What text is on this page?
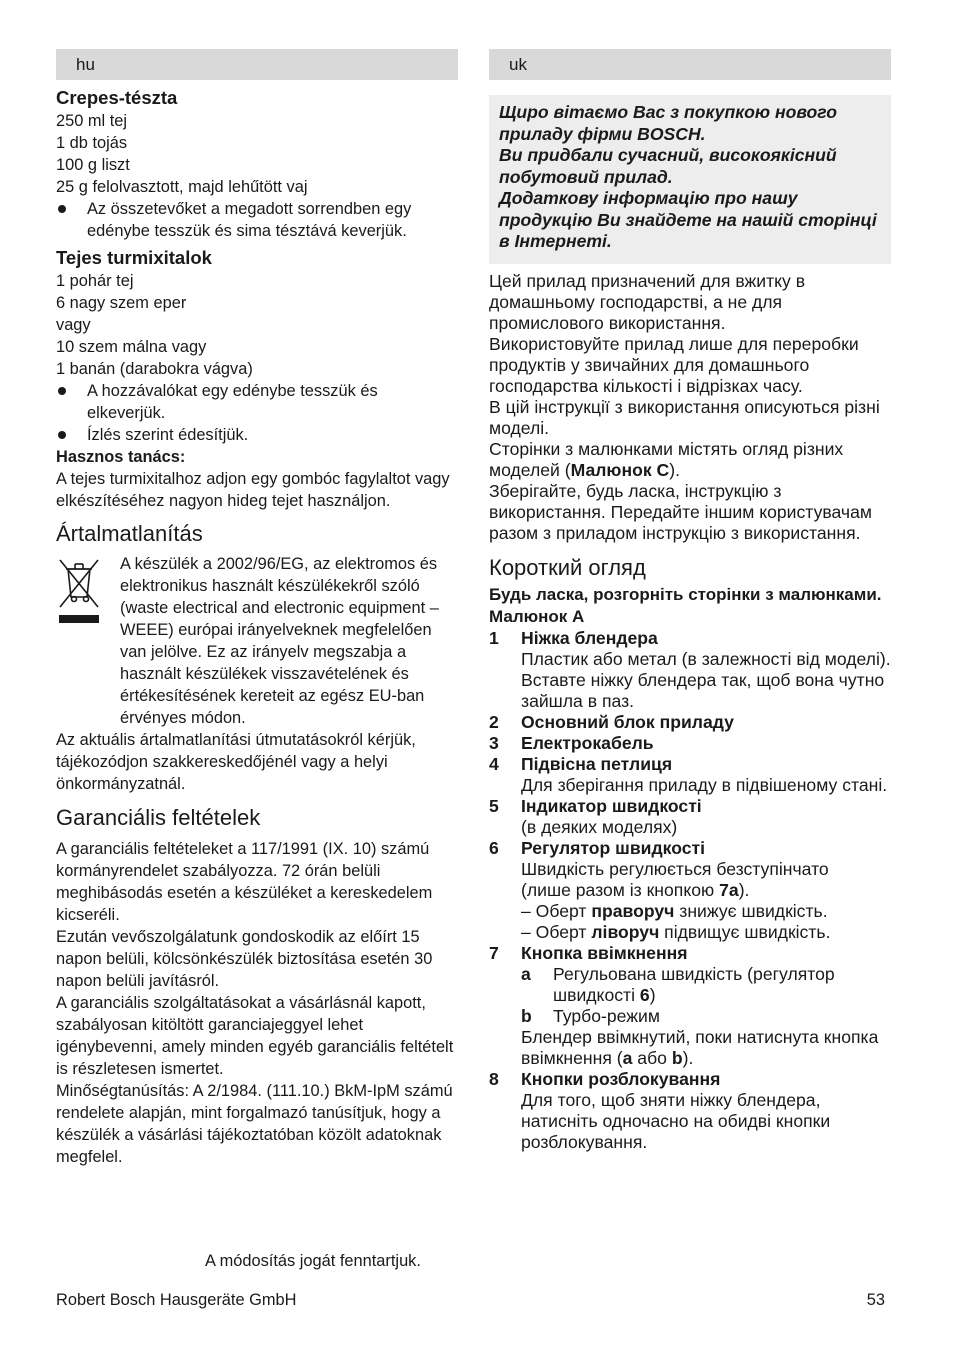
hu
Crepes-tészta
250 ml tej
1 db tojás
100 g liszt
25 g felolvasztott, majd lehűtött vaj
Az összetevőket a megadott sorrendben egy edénybe tesszük és sima tésztává keverjük.
Tejes turmixitalok
1 pohár tej
6 nagy szem eper
vagy
10 szem málna vagy
1 banán (darabokra vágva)
A hozzávalókat egy edénybe tesszük és elkeverjük.
Ízlés szerint édesítjük.
Hasznos tanács:
A tejes turmixitalhoz adjon egy gombóc fagylaltot vagy elkészítéséhez nagyon hideg tejet használjon.
Ártalmatlanítás
A készülék a 2002/96/EG, az elektromos és elektronikus használt készülékekről szóló (waste electrical and electronic equipment – WEEE) európai irányelveknek megfelelően van jelölve. Ez az irányelv megszabja a használt készülékek visszavételének és értékesítésének kereteit az egész EU-ban érvényes módon.
Az aktuális ártalmatlanítási útmutatásokról kérjük, tájékozódjon szakkereskedőjénél vagy a helyi önkormányzatnál.
Garanciális feltételek
A garanciális feltételeket a 117/1991 (IX. 10) számú kormányrendelet szabályozza. 72 órán belüli meghibásodás esetén a készüléket a kereskedelem kicseréli.
Ezután vevőszolgálatunk gondoskodik az előírt 15 napon belüli, kölcsönkészülék biztosítása esetén 30 napon belüli javításról.
A garanciális szolgáltatásokat a vásárlásnál kapott, szabályosan kitöltött garanciajeggyel lehet igénybevenni, amely minden egyéb garanciális feltételt is részletesen ismertet.
Minőségtanúsítás: A 2/1984. (111.10.) BkM-IpM számú rendelete alapján, mint forgalmazó tanúsítjuk, hogy a készülék a vásárlási tájékoztatóban közölt adatoknak megfelel.
A módosítás jogát fenntartjuk.
uk
Щиро вітаємо Вас з покупкою нового приладу фірми BOSCH.
Ви придбали сучасний, високоякісний побутовий прилад.
Додаткову інформацію про нашу продукцію Ви знайдете на нашій сторінці в Інтернеті.
Цей прилад призначений для вжитку в домашньому господарстві, а не для промислового використання.
Використовуйте прилад лише для переробки продуктів у звичайних для домашнього господарства кількості і відрізках часу.
В цій інструкції з використання описуються різні моделі.
Сторінки з малюнками містять огляд різних моделей (Малюнок C).
Зберігайте, будь ласка, інструкцію з використання. Передайте іншим користувачам разом з приладом інструкцію з використання.
Короткий огляд
Будь ласка, розгорніть сторінки з малюнками.
Малюнок А
1	Ніжка блендера
Пластик або метал (в залежності від моделі). Вставте ніжку блендера так, щоб вона чутно зайшла в паз.
2	Основний блок приладу
3	Електрокабель
4	Підвісна петлиця
Для зберігання приладу в підвішеному стані.
5	Індикатор швидкості
(в деяких моделях)
6	Регулятор швидкості
Швидкість регулюється безступінчато
(лише разом із кнопкою 7a).
– Оберт праворуч знижує швидкість.
– Оберт ліворуч підвищує швидкість.
7	Кнопка ввімкнення
a	Регульована швидкість (регулятор швидкості 6)
b	Турбо-режим
Блендер ввімкнутий, поки натиснута кнопка ввімкнення (a або b).
8	Кнопки розблокування
Для того, щоб зняти ніжку блендера, натисніть одночасно на обидві кнопки розблокування.
Robert Bosch Hausgeräte GmbH	53
